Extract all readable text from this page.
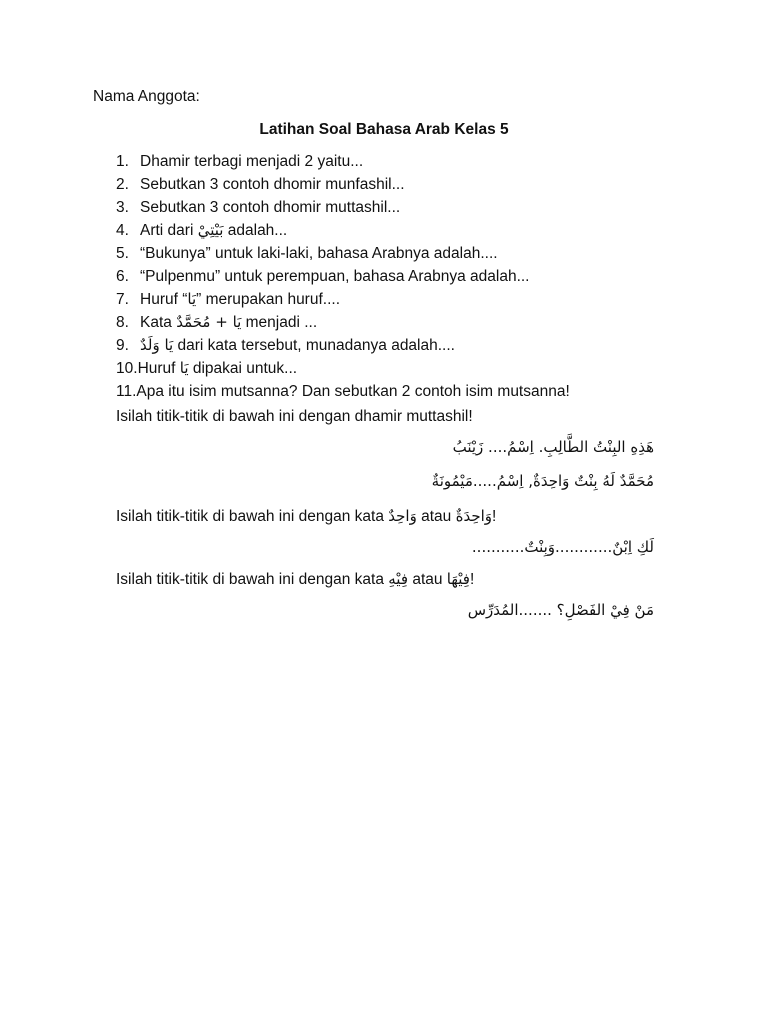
Nama Anggota:
Latihan Soal Bahasa Arab Kelas 5
1. Dhamir terbagi menjadi 2 yaitu...
2. Sebutkan 3 contoh dhomir munfashil...
3. Sebutkan 3 contoh dhomir muttashil...
4. Arti dari بَيْتِيْ adalah...
5. “Bukunya” untuk laki-laki, bahasa Arabnya adalah....
6. “Pulpenmu” untuk perempuan, bahasa Arabnya adalah...
7. Huruf “ يَا ” merupakan huruf....
8. Kata يَا + مُحَمَّدٌ menjadi ...
9. يَا وَلَدٌ dari kata tersebut, munadanya adalah....
10. Huruf يَا dipakai untuk...
11. Apa itu isim mutsanna? Dan sebutkan 2 contoh isim mutsanna!
Isilah titik-titik di bawah ini dengan dhamir muttashil!
هَذِهِ البِنْتُ الطَّالِبِ. اِسْمُ.... زَيْنَبُ
مُحَمَّدٌ لَهُ بِنْتٌ وَاحِدَةٌ, اِسْمُ.....مَيْمُونَةٌ
Isilah titik-titik di bawah ini dengan kata وَاحِدٌ atau وَاحِدَةٌ!
لَكِ اِبْنٌ............وَبِنْتٌ...........
Isilah titik-titik di bawah ini dengan kata فِيْهِ atau فِيْهَا!
مَنْ فِيْ الفَصْلِ؟ .......المُدَرِّس
